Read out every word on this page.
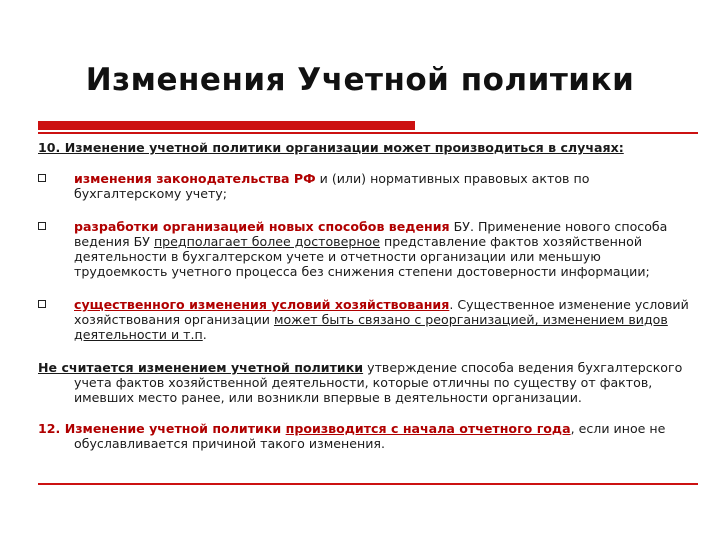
Изменения Учетной политики
10. Изменение учетной политики организации может производиться в случаях:
изменения законодательства РФ и (или) нормативных правовых актов по бухгалтерскому учету;
разработки организацией новых способов ведения БУ. Применение нового способа ведения БУ предполагает более достоверное представление фактов хозяйственной деятельности в бухгалтерском учете и отчетности организации или меньшую трудоемкость учетного процесса без снижения степени достоверности информации;
существенного изменения условий хозяйствования. Существенное изменение условий хозяйствования организации может быть связано с реорганизацией, изменением видов деятельности и т.п.
Не считается изменением учетной политики утверждение способа ведения бухгалтерского учета фактов хозяйственной деятельности, которые отличны по существу от фактов, имевших место ранее, или возникли впервые в деятельности организации.
12. Изменение учетной политики производится с начала отчетного года, если иное не обуславливается причиной такого изменения.
